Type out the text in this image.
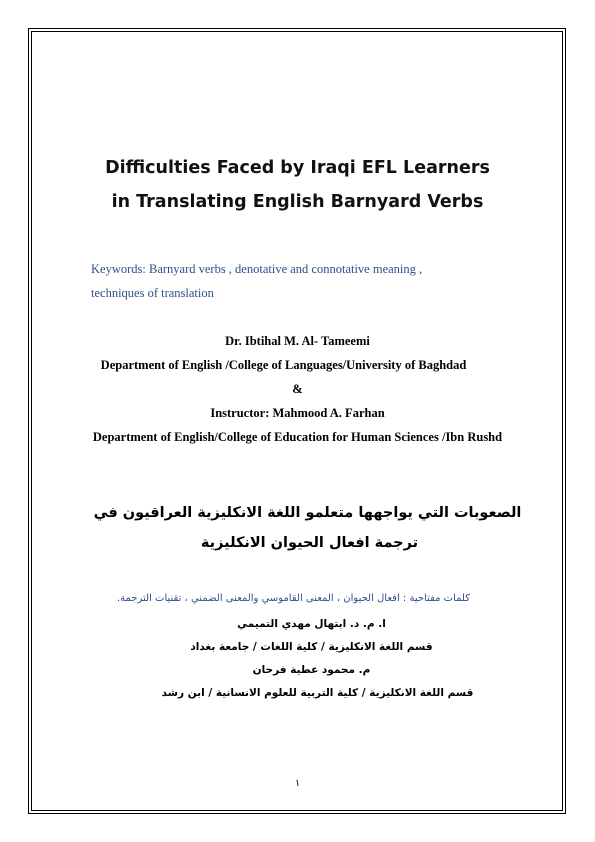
Difficulties Faced by Iraqi EFL Learners
in Translating English Barnyard Verbs
Keywords: Barnyard verbs , denotative and connotative meaning ,
techniques of translation
Dr. Ibtihal M. Al- Tameemi
Department of English /College of Languages/University of Baghdad
&
Instructor: Mahmood A. Farhan
Department of English/College of Education for Human Sciences /Ibn Rushd
الصعوبات التي يواجهها متعلمو اللغة الانكليزية العراقيون في
ترجمة افعال الحيوان الانكليزية
كلمات مفتاحية : افعال الحيوان ، المعنى القاموسي والمعنى الضمني ، تقنيات الترجمة.
ا. م. د. ابتهال مهدي التميمي
قسم اللغة الانكليزية / كلية اللغات / جامعة بغداد
م. محمود عطية فرحان
قسم اللغة الانكليزية / كلية التربية للعلوم الانسانية / ابن رشد
١
